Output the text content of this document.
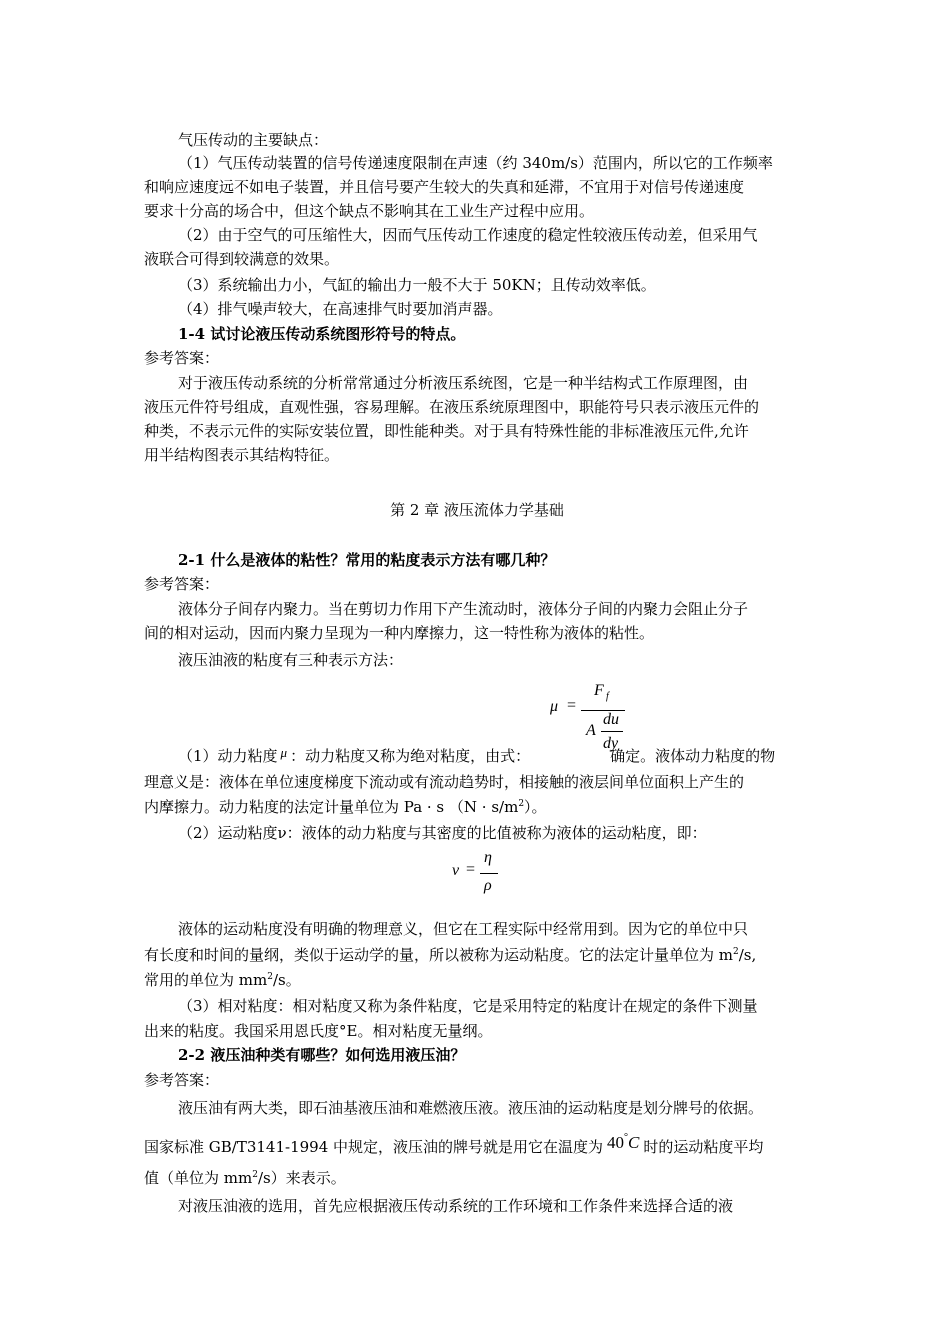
气压传动的主要缺点：

（1）气压传动装置的信号传递速度限制在声速（约 340m/s）范围内，所以它的工作频率

和响应速度远不如电子装置，并且信号要产生较大的失真和延滞，不宜用于对信号传递速度

要求十分高的场合中，但这个缺点不影响其在工业生产过程中应用。

（2）由于空气的可压缩性大，因而气压传动工作速度的稳定性较液压传动差，但采用气

液联合可得到较满意的效果。

（3）系统输出力小，气缸的输出力一般不大于 50KN；且传动效率低。

（4）排气噪声较大，在高速排气时要加消声器。

1-4 试讨论液压传动系统图形符号的特点。

参考答案：

对于液压传动系统的分析常常通过分析液压系统图，它是一种半结构式工作原理图，由

液压元件符号组成，直观性强，容易理解。在液压系统原理图中，职能符号只表示液压元件的

种类，不表示元件的实际安装位置，即性能种类。对于具有特殊性能的非标准液压元件,允许

用半结构图表示其结构特征。

第 2 章 液压流体力学基础

2-1 什么是液体的粘性？常用的粘度表示方法有哪几种？

参考答案：

液体分子间存内聚力。当在剪切力作用下产生流动时，液体分子间的内聚力会阻止分子

间的相对运动，因而内聚力呈现为一种内摩擦力，这一特性称为液体的粘性。

液压油液的粘度有三种表示方法：

μ =
F f
A
du
dy
（1）动力粘度 μ ：动力粘度又称为绝对粘度，由式：	确定。液体动力粘度的物

理意义是：液体在单位速度梯度下流动或有流动趋势时，相接触的液层间单位面积上产生的

内摩擦力。动力粘度的法定计量单位为 Pa · s $(N \cdot s/m^2)$。

（2）运动粘度ν：液体的动力粘度与其密度的比值被称为液体的运动粘度，即：

ν =
η
ρ

液体的运动粘度没有明确的物理意义，但它在工程实际中经常用到。因为它的单位中只

有长度和时间的量纲，类似于运动学的量，所以被称为运动粘度。它的法定计量单位为 $m^2/s$,
常用的单位为 $mm^2/s$。

（3）相对粘度：相对粘度又称为条件粘度，它是采用特定的粘度计在规定的条件下测量

出来的粘度。我国采用恩氏度°E。相对粘度无量纲。

2-2 液压油种类有哪些？如何选用液压油？

参考答案：

液压油有两大类，即石油基液压油和难燃液压液。液压油的运动粘度是划分牌号的依据。

国家标准 GB/T3141-1994 中规定，液压油的牌号就是用它在温度为 40°C 时的运动粘度平均
值（单位为 $mm^2/s$）来表示。

对液压油液的选用，首先应根据液压传动系统的工作环境和工作条件来选择合适的液
